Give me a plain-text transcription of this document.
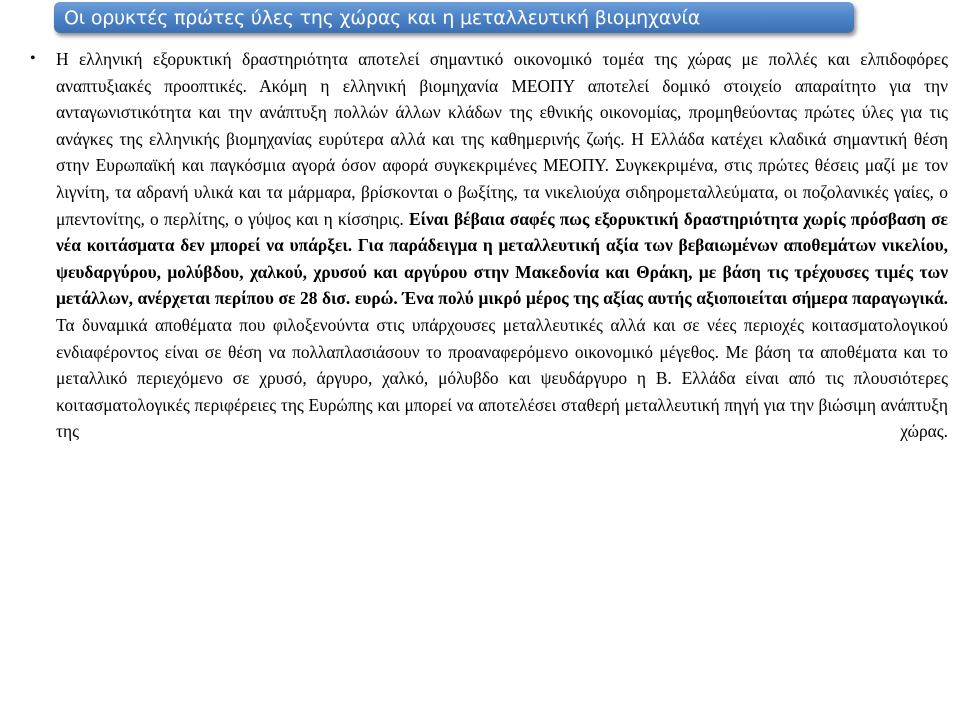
Οι ορυκτές πρώτες ύλες της χώρας και η μεταλλευτική βιομηχανία
•	Η ελληνική εξορυκτική δραστηριότητα αποτελεί σημαντικό οικονομικό τομέα της χώρας με πολλές και ελπιδοφόρες αναπτυξιακές προοπτικές. Ακόμη η ελληνική βιομηχανία ΜΕΟΠΥ αποτελεί δομικό στοιχείο απαραίτητο για την ανταγωνιστικότητα και την ανάπτυξη πολλών άλλων κλάδων της εθνικής οικονομίας, προμηθεύοντας πρώτες ύλες για τις ανάγκες της ελληνικής βιομηχανίας ευρύτερα αλλά και της καθημερινής ζωής. Η Ελλάδα κατέχει κλαδικά σημαντική θέση στην Ευρωπαϊκή και παγκόσμια αγορά όσον αφορά συγκεκριμένες ΜΕΟΠΥ. Συγκεκριμένα, στις πρώτες θέσεις μαζί με τον λιγνίτη, τα αδρανή υλικά και τα μάρμαρα, βρίσκονται ο βωξίτης, τα νικελιούχα σιδηρομεταλλεύματα, οι ποζολανικές γαίες, ο μπεντονίτης, ο περλίτης, ο γύψος και η κίσσηρις. Είναι βέβαια σαφές πως εξορυκτική δραστηριότητα χωρίς πρόσβαση σε νέα κοιτάσματα δεν μπορεί να υπάρξει. Για παράδειγμα η μεταλλευτική αξία των βεβαιωμένων αποθεμάτων νικελίου, ψευδαργύρου, μολύβδου, χαλκού, χρυσού και αργύρου στην Μακεδονία και Θράκη, με βάση τις τρέχουσες τιμές των μετάλλων, ανέρχεται περίπου σε 28 δισ. ευρώ. Ένα πολύ μικρό μέρος της αξίας αυτής αξιοποιείται σήμερα παραγωγικά. Τα δυναμικά αποθέματα που φιλοξενούντα στις υπάρχουσες μεταλλευτικές αλλά και σε νέες περιοχές κοιτασματολογικού ενδιαφέροντος είναι σε θέση να πολλαπλασιάσουν το προαναφερόμενο οικονομικό μέγεθος. Με βάση τα αποθέματα και το μεταλλικό περιεχόμενο σε χρυσό, άργυρο, χαλκό, μόλυβδο και ψευδάργυρο η Β. Ελλάδα είναι από τις πλουσιότερες κοιτασματολογικές περιφέρειες της Ευρώπης και μπορεί να αποτελέσει σταθερή μεταλλευτική πηγή για την βιώσιμη ανάπτυξη της χώρας.
